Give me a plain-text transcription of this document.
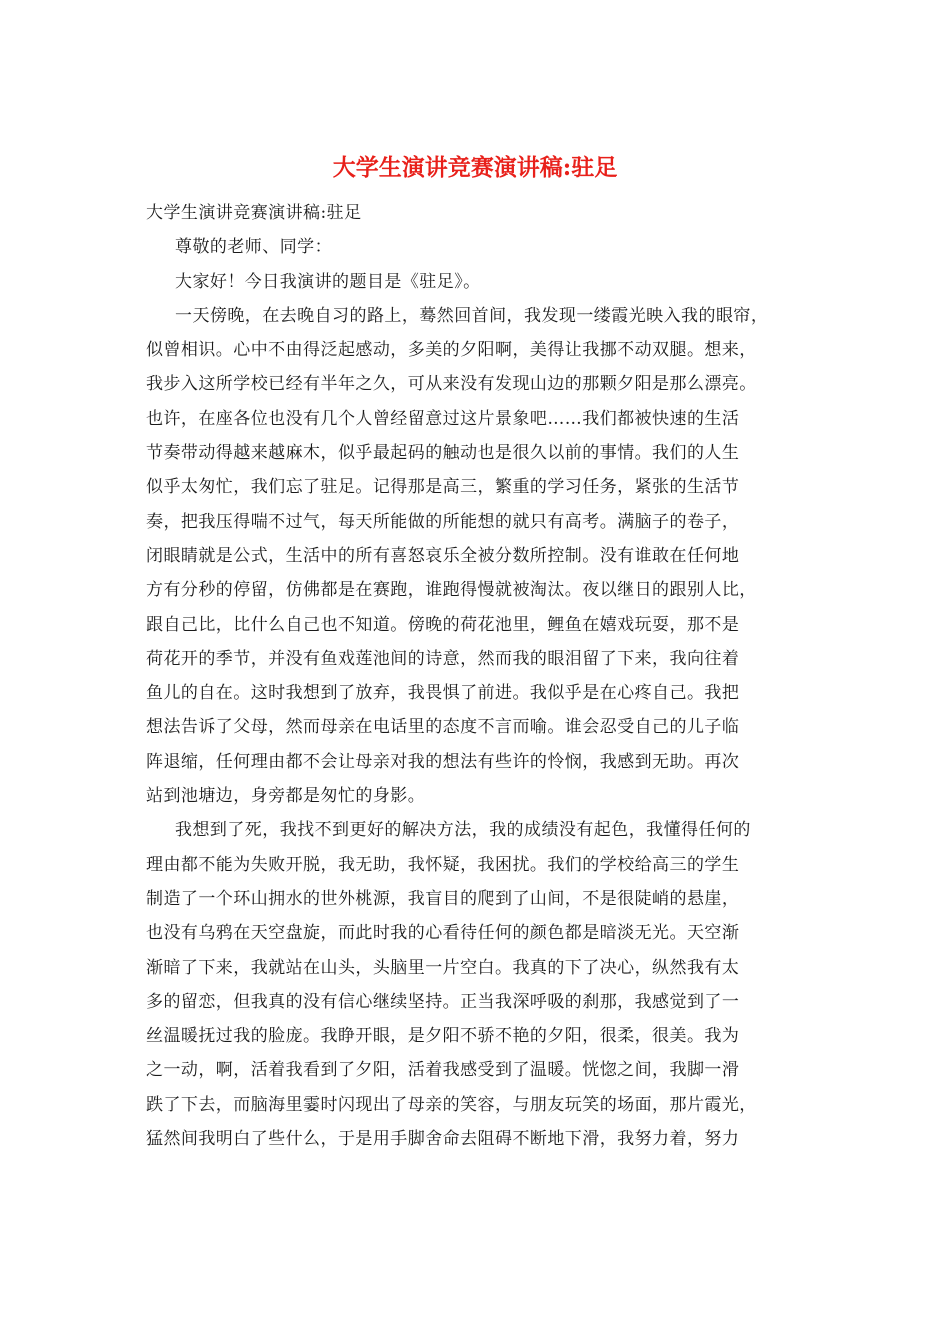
大学生演讲竞赛演讲稿:驻足
大学生演讲竞赛演讲稿:驻足
尊敬的老师、同学：
大家好！今日我演讲的题目是《驻足》。
一天傍晚，在去晚自习的路上，蓦然回首间，我发现一缕霞光映入我的眼帘，
似曾相识。心中不由得泛起感动，多美的夕阳啊，美得让我挪不动双腿。想来，
我步入这所学校已经有半年之久，可从来没有发现山边的那颗夕阳是那么漂亮。
也许，在座各位也没有几个人曾经留意过这片景象吧……我们都被快速的生活
节奏带动得越来越麻木，似乎最起码的触动也是很久以前的事情。我们的人生
似乎太匆忙，我们忘了驻足。记得那是高三，繁重的学习任务，紧张的生活节
奏，把我压得喘不过气，每天所能做的所能想的就只有高考。满脑子的卷子，
闭眼睛就是公式，生活中的所有喜怒哀乐全被分数所控制。没有谁敢在任何地
方有分秒的停留，仿佛都是在赛跑，谁跑得慢就被淘汰。夜以继日的跟别人比，
跟自己比，比什么自己也不知道。傍晚的荷花池里，鲤鱼在嬉戏玩耍，那不是
荷花开的季节，并没有鱼戏莲池间的诗意，然而我的眼泪留了下来，我向往着
鱼儿的自在。这时我想到了放弃，我畏惧了前进。我似乎是在心疼自己。我把
想法告诉了父母，然而母亲在电话里的态度不言而喻。谁会忍受自己的儿子临
阵退缩，任何理由都不会让母亲对我的想法有些许的怜悯，我感到无助。再次
站到池塘边，身旁都是匆忙的身影。
我想到了死，我找不到更好的解决方法，我的成绩没有起色，我懂得任何的
理由都不能为失败开脱，我无助，我怀疑，我困扰。我们的学校给高三的学生
制造了一个环山拥水的世外桃源，我盲目的爬到了山间，不是很陡峭的悬崖，
也没有乌鸦在天空盘旋，而此时我的心看待任何的颜色都是暗淡无光。天空渐
渐暗了下来，我就站在山头，头脑里一片空白。我真的下了决心，纵然我有太
多的留恋，但我真的没有信心继续坚持。正当我深呼吸的刹那，我感觉到了一
丝温暖抚过我的脸庞。我睁开眼，是夕阳不骄不艳的夕阳，很柔，很美。我为
之一动，啊，活着我看到了夕阳，活着我感受到了温暖。恍惚之间，我脚一滑
跌了下去，而脑海里霎时闪现出了母亲的笑容，与朋友玩笑的场面，那片霞光，
猛然间我明白了些什么，于是用手脚舍命去阻碍不断地下滑，我努力着，努力
